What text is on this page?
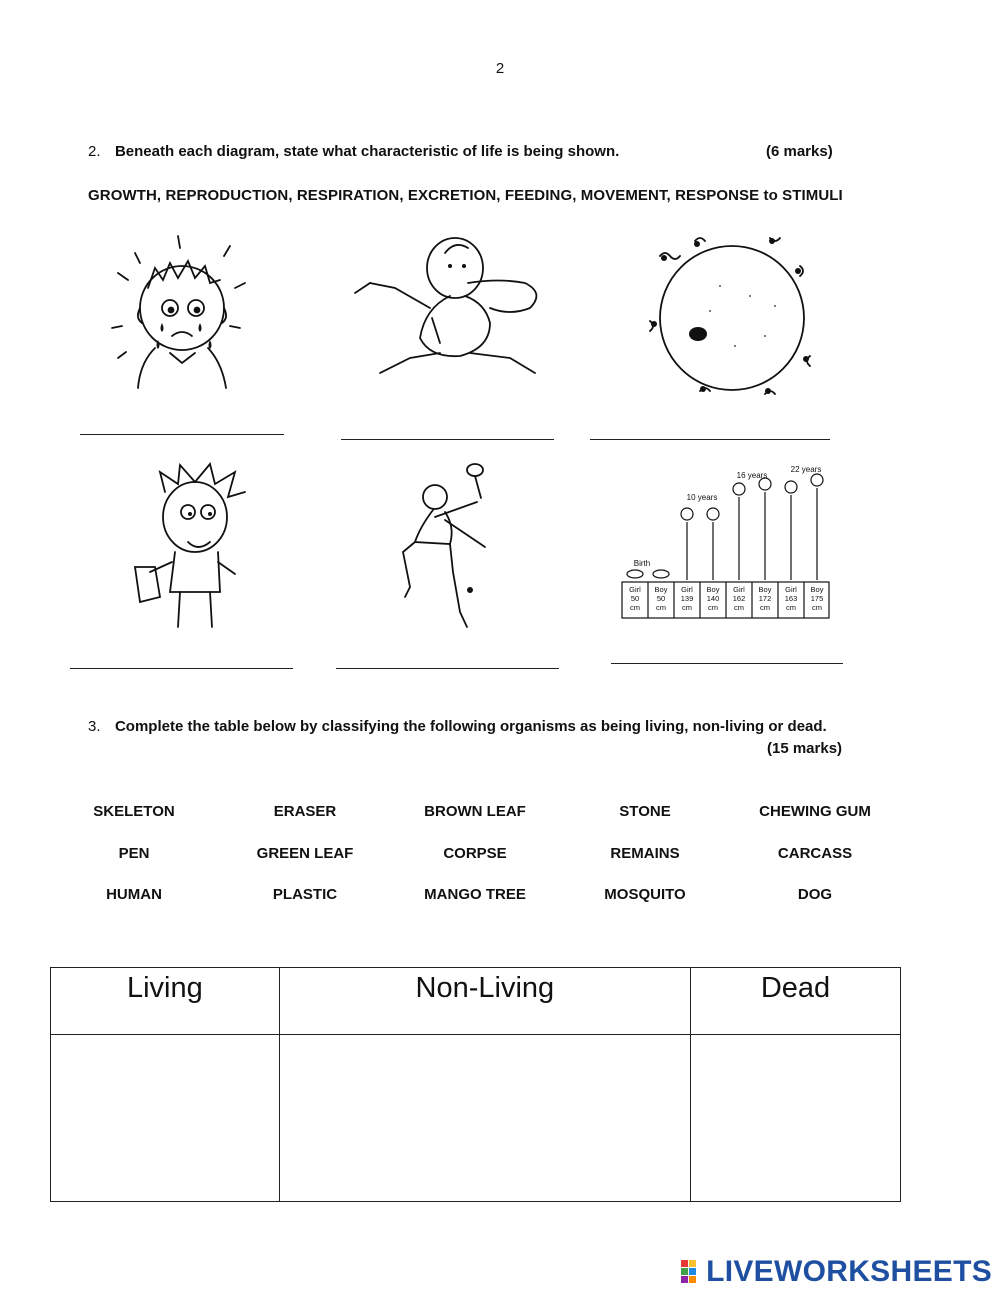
2
2. Beneath each diagram, state what characteristic of life is being shown.	(6 marks)
GROWTH, REPRODUCTION, RESPIRATION, EXCRETION, FEEDING, MOVEMENT, RESPONSE to STIMULI
Birth
10 years
16 years
22 years
Girl
50
cm
Boy
50
cm
Girl
139
cm
Boy
140
cm
Girl
162
cm
Boy
172
cm
Girl
163
cm
Boy
175
cm
3. Complete the table below by classifying the following organisms as being living, non-living or dead.
(15 marks)
SKELETON	ERASER	BROWN LEAF	STONE	CHEWING GUM
PEN	GREEN LEAF	CORPSE	REMAINS	CARCASS
HUMAN	PLASTIC	MANGO TREE	MOSQUITO	DOG
Living	Non-Living	Dead

LIVEWORKSHEETS
